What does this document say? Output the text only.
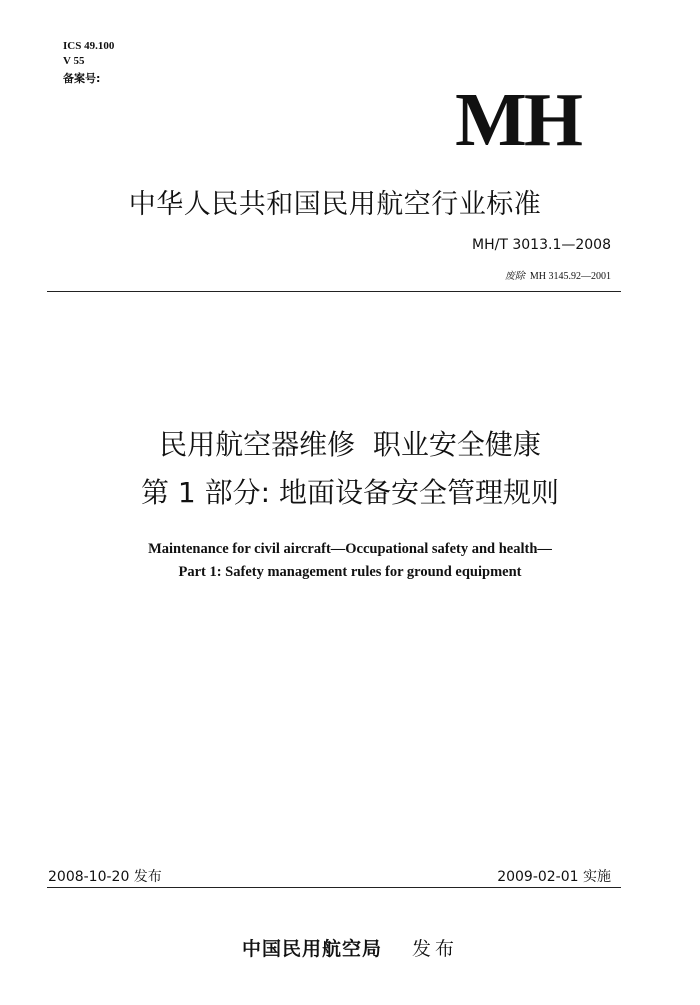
ICS 49.100
V 55
备案号:	MH
中华人民共和国民用航空行业标准
MH/T 3013.1—2008
废除 MH 3145.92—2001
民用航空器维修  职业安全健康
第 1 部分: 地面设备安全管理规则
Maintenance for civil aircraft—Occupational safety and health—
Part 1: Safety management rules for ground equipment
2008-10-20 发布	2009-02-01 实施
中国民用航空局 发布
